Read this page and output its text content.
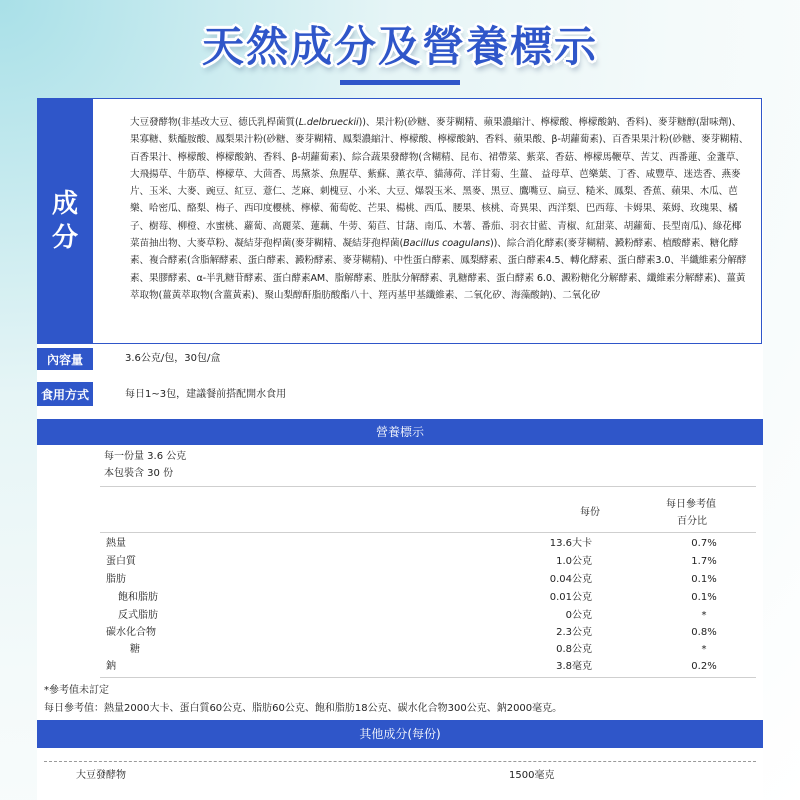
天然成分及營養標示
成
分
大豆發酵物(非基改大豆、德氏乳桿菌質(L.delbrueckii))、果汁粉(砂糖、麥芽糊精、蘋果濃縮汁、檸檬酸、檸檬酸鈉、香料)、麥芽糖醇(甜味劑)、果寡糖、麩醯胺酸、鳳梨果汁粉(砂糖、麥芽糊精、鳳梨濃縮汁、檸檬酸、檸檬酸鈉、香料、蘋果酸、β-胡蘿蔔素)、百香果果汁粉(砂糖、麥芽糊精、百香果汁、檸檬酸、檸檬酸鈉、香料、β-胡蘿蔔素)、綜合蔬果發酵物(含糊精、昆布、裙帶菜、紫菜、香菇、檸檬馬鞭草、苦艾、西番蓮、金盞草、大飛揚草、牛筋草、檸檬草、大茴香、馬黛茶、魚腥草、紫蘇、薰衣草、貓薄荷、洋甘菊、生薑、 益母草、芭樂葉、丁香、咸豐草、迷迭香、燕麥片、玉米、大麥、豌豆、紅豆、薏仁、芝麻、刺槐豆、小米、大豆、爆裂玉米、黑麥、黑豆、鷹嘴豆、扁豆、糙米、鳳梨、香蕉、蘋果、木瓜、芭樂、哈密瓜、酪梨、梅子、西印度櫻桃、檸檬、葡萄乾、芒果、楊桃、西瓜、腰果、核桃、奇異果、西洋梨、巴西莓、卡姆果、萊姆、玫瑰果、橘子、樹莓、柳橙、水蜜桃、蘿蔔、高麗菜、蓮藕、牛蒡、菊苣、甘藷、南瓜、木薯、番茄、羽衣甘藍、青椒、紅甜菜、胡蘿蔔、長型南瓜)、綠花椰菜苗抽出物、大麥草粉、凝結芽孢桿菌(麥芽糊精、凝結芽孢桿菌(Bacillus coagulans))、綜合消化酵素(麥芽糊精、澱粉酵素、植酸酵素、糖化酵素、複合酵素(含脂解酵素、蛋白酵素、澱粉酵素、麥芽糊精)、中性蛋白酵素、鳳梨酵素、蛋白酵素4.5、轉化酵素、蛋白酵素3.0、半纖維素分解酵素、果膠酵素、α-半乳糖苷酵素、蛋白酵素AM、脂解酵素、胜肽分解酵素、乳糖酵素、蛋白酵素 6.0、澱粉糖化分解酵素、纖維素分解酵素)、薑黃萃取物(薑黃萃取物(含薑黃素)、聚山梨醇酐脂肪酸酯八十、羥丙基甲基纖維素、二氧化矽、海藻酸鈉)、二氧化矽
內容量	3.6公克/包，30包/盒
食用方式	每日1~3包，建議餐前搭配開水食用
營養標示
每一份量 3.6 公克
本包裝含 30 份
每份
每日參考值
百分比
熱量	13.6大卡	0.7%
蛋白質	1.0公克	1.7%
脂肪	0.04公克	0.1%
飽和脂肪	0.01公克	0.1%
反式脂肪	0公克	*
碳水化合物	2.3公克	0.8%
糖	0.8公克	*
鈉	3.8毫克	0.2%
*參考值未訂定
每日參考值：熱量2000大卡、蛋白質60公克、脂肪60公克、飽和脂肪18公克、碳水化合物300公克、鈉2000毫克。
其他成分(每份)
大豆發酵物	1500毫克
